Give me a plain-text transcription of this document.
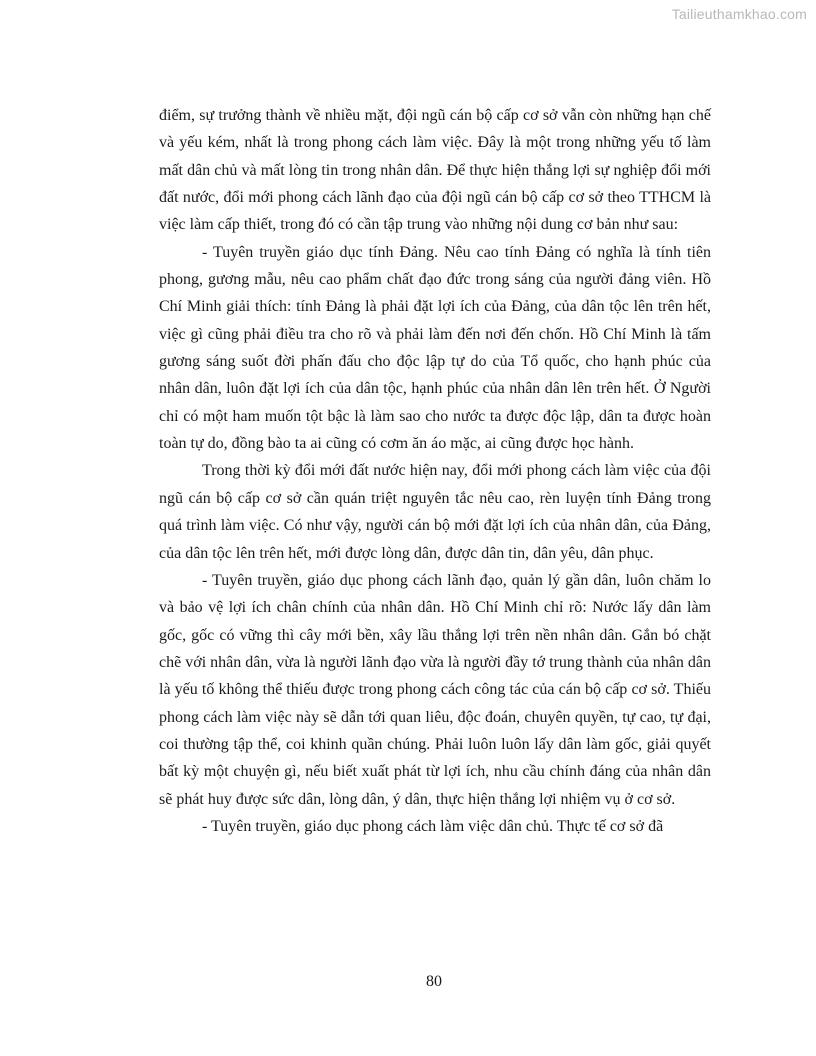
Tailieuthamkhao.com

điểm, sự trưởng thành về nhiều mặt, đội ngũ cán bộ cấp cơ sở vẫn còn những hạn chế và yếu kém, nhất là trong phong cách làm việc. Đây là một trong những yếu tố làm mất dân chủ và mất lòng tin trong nhân dân. Để thực hiện thắng lợi sự nghiệp đổi mới đất nước, đổi mới phong cách lãnh đạo của đội ngũ cán bộ cấp cơ sở theo TTHCM là việc làm cấp thiết, trong đó có cần tập trung vào những nội dung cơ bản như sau:

- Tuyên truyền giáo dục tính Đảng. Nêu cao tính Đảng có nghĩa là tính tiên phong, gương mẫu, nêu cao phẩm chất đạo đức trong sáng của người đảng viên. Hồ Chí Minh giải thích: tính Đảng là phải đặt lợi ích của Đảng, của dân tộc lên trên hết, việc gì cũng phải điều tra cho rõ và phải làm đến nơi đến chốn. Hồ Chí Minh là tấm gương sáng suốt đời phấn đấu cho độc lập tự do của Tổ quốc, cho hạnh phúc của nhân dân, luôn đặt lợi ích của dân tộc, hạnh phúc của nhân dân lên trên hết. Ở Người chỉ có một ham muốn tột bậc là làm sao cho nước ta được độc lập, dân ta được hoàn toàn tự do, đồng bào ta ai cũng có cơm ăn áo mặc, ai cũng được học hành.

Trong thời kỳ đổi mới đất nước hiện nay, đổi mới phong cách làm việc của đội ngũ cán bộ cấp cơ sở cần quán triệt nguyên tắc nêu cao, rèn luyện tính Đảng trong quá trình làm việc. Có như vậy, người cán bộ mới đặt lợi ích của nhân dân, của Đảng, của dân tộc lên trên hết, mới được lòng dân, được dân tin, dân yêu, dân phục.

- Tuyên truyền, giáo dục phong cách lãnh đạo, quản lý gần dân, luôn chăm lo và bảo vệ lợi ích chân chính của nhân dân. Hồ Chí Minh chỉ rõ: Nước lấy dân làm gốc, gốc có vững thì cây mới bền, xây lầu thắng lợi trên nền nhân dân. Gắn bó chặt chẽ với nhân dân, vừa là người lãnh đạo vừa là người đầy tớ trung thành của nhân dân là yếu tố không thể thiếu được trong phong cách công tác của cán bộ cấp cơ sở. Thiếu phong cách làm việc này sẽ dẫn tới quan liêu, độc đoán, chuyên quyền, tự cao, tự đại, coi thường tập thể, coi khinh quần chúng. Phải luôn luôn lấy dân làm gốc, giải quyết bất kỳ một chuyện gì, nếu biết xuất phát từ lợi ích, nhu cầu chính đáng của nhân dân sẽ phát huy được sức dân, lòng dân, ý dân, thực hiện thắng lợi nhiệm vụ ở cơ sở.

- Tuyên truyền, giáo dục phong cách làm việc dân chủ. Thực tế cơ sở đã

80
